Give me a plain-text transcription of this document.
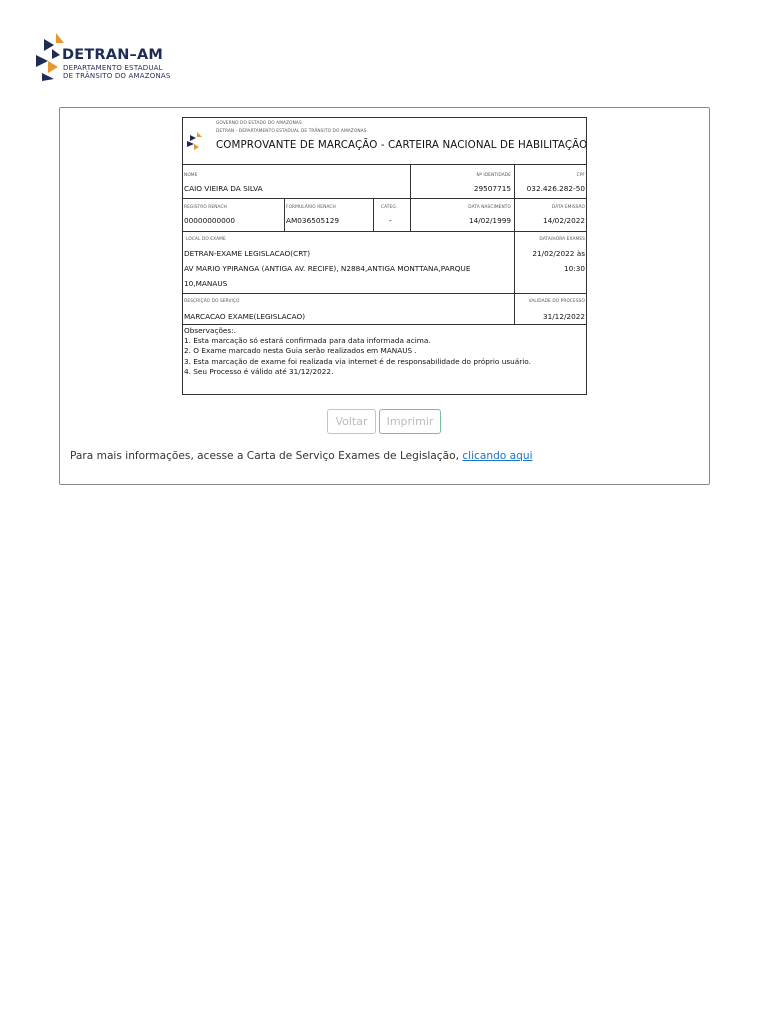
DETRAN–AM
DEPARTAMENTO ESTADUAL
DE TRÂNSITO DO AMAZONAS
GOVERNO DO ESTADO DO AMAZONAS
DETRAN - DEPARTAMENTO ESTADUAL DE TRÂNSITO DO AMAZONAS
COMPROVANTE DE MARCAÇÃO - CARTEIRA NACIONAL DE HABILITAÇÃO
NOME
CAIO VIEIRA DA SILVA
Nº IDENTIDADE
29507715
CPF
032.426.282-50
REGISTRO RENACH
00000000000
FORMULÁRIO RENACH
AM036505129
CATEG.
-
DATA NASCIMENTO
14/02/1999
DATA EMISSÃO
14/02/2022
LOCAL DO EXAME
DETRAN-EXAME LEGISLACAO(CRT)
AV MARIO YPIRANGA (ANTIGA AV. RECIFE), N2884,ANTIGA MONTTANA,PARQUE
10,MANAUS
DATA/HORA EXAMES
21/02/2022 às
10:30
DESCRIÇÃO DO SERVIÇO
MARCACAO EXAME(LEGISLACAO)
VALIDADE DO PROCESSO
31/12/2022
Observações:.
1. Esta marcação só estará confirmada para data informada acima.
2. O Exame marcado nesta Guia serão realizados em MANAUS .
3. Esta marcação de exame foi realizada via internet é de responsabilidade do próprio usuário.
4. Seu Processo é válido até 31/12/2022.
Voltar	Imprimir
Para mais informações, acesse a Carta de Serviço Exames de Legislação, clicando aqui
